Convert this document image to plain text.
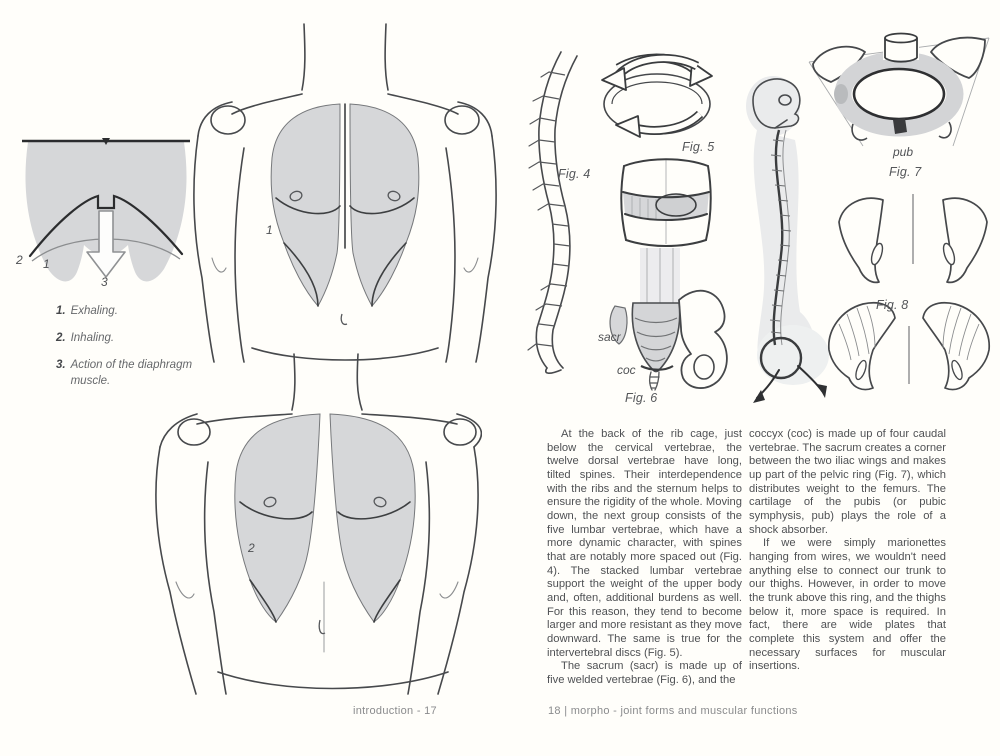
2 1
3
1. Exhaling.
2. Inhaling.
3. Action of the diaphragm muscle.
1
2
introduction - 17
Fig. 4
Fig. 5
sacr
coc
Fig. 6
pub
Fig. 7
Fig. 8

At the back of the rib cage, just below the cervical vertebrae, the twelve dorsal vertebrae have long, tilted spines. Their interdependence with the ribs and the sternum helps to ensure the rigidity of the whole. Moving down, the next group consists of the five lumbar vertebrae, which have a more dynamic character, with spines that are notably more spaced out (Fig. 4). The stacked lumbar vertebrae support the weight of the upper body and, often, additional burdens as well. For this reason, they tend to become larger and more resistant as they move downward. The same is true for the intervertebral discs (Fig. 5).

The sacrum (sacr) is made up of five welded vertebrae (Fig. 6), and the

coccyx (coc) is made up of four caudal vertebrae. The sacrum creates a corner between the two iliac wings and makes up part of the pelvic ring (Fig. 7), which distributes weight to the femurs. The cartilage of the pubis (or pubic symphysis, pub) plays the role of a shock absorber.

If we were simply marionettes hanging from wires, we wouldn't need anything else to connect our trunk to our thighs. However, in order to move the trunk above this ring, and the thighs below it, more space is required. In fact, there are wide plates that complete this system and offer the necessary surfaces for muscular insertions.

18 | morpho - joint forms and muscular functions
